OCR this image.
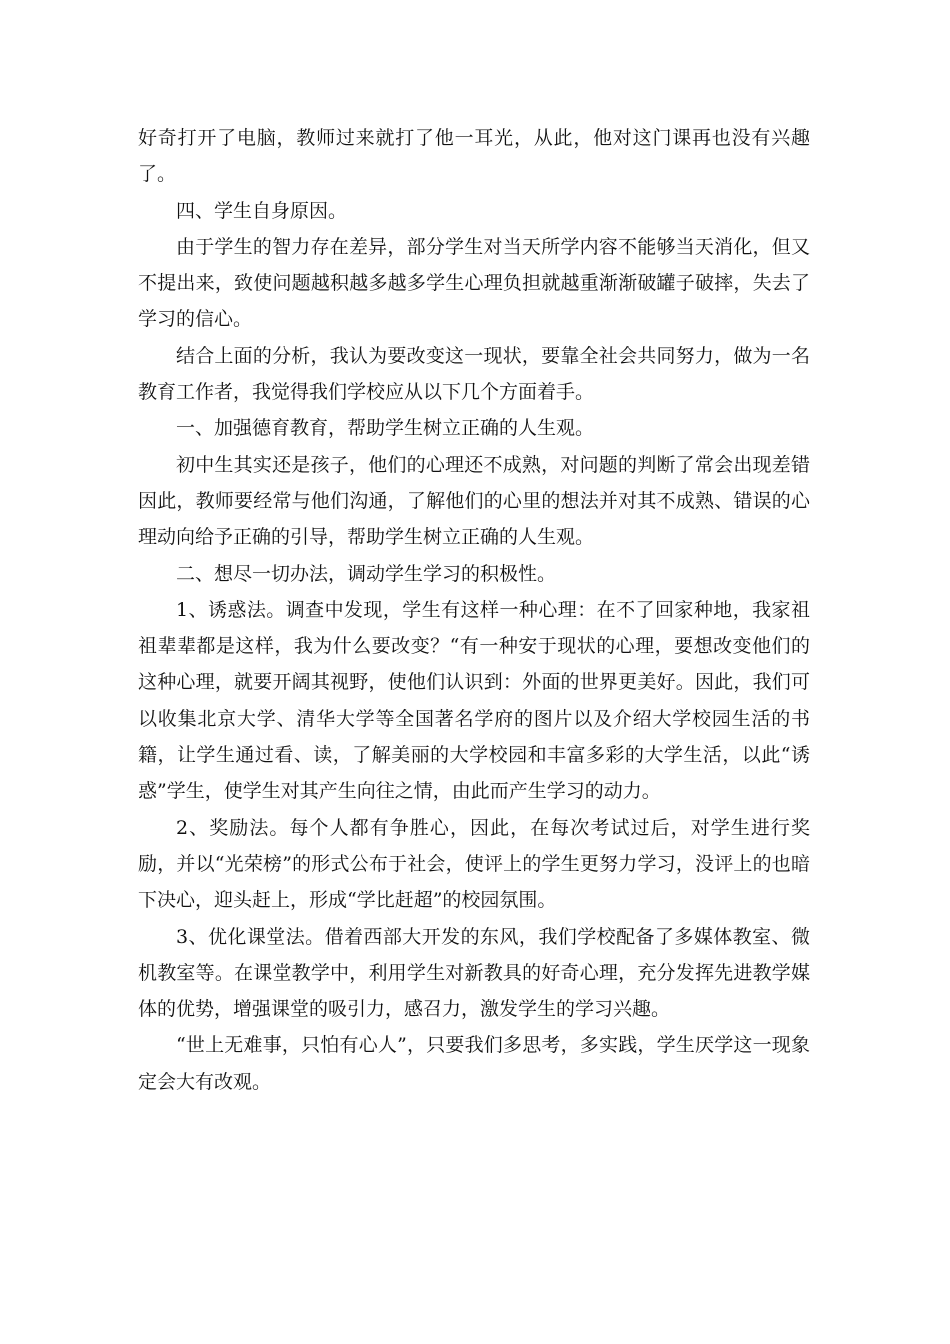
好奇打开了电脑，教师过来就打了他一耳光，从此，他对这门课再也没有兴趣了。

四、学生自身原因。

由于学生的智力存在差异，部分学生对当天所学内容不能够当天消化，但又不提出来，致使问题越积越多越多学生心理负担就越重渐渐破罐子破摔，失去了学习的信心。

结合上面的分析，我认为要改变这一现状，要靠全社会共同努力，做为一名教育工作者，我觉得我们学校应从以下几个方面着手。

一、加强德育教育，帮助学生树立正确的人生观。

初中生其实还是孩子，他们的心理还不成熟，对问题的判断了常会出现差错因此，教师要经常与他们沟通，了解他们的心里的想法并对其不成熟、错误的心理动向给予正确的引导，帮助学生树立正确的人生观。

二、想尽一切办法，调动学生学习的积极性。

1、诱惑法。调查中发现，学生有这样一种心理：在不了回家种地，我家祖祖辈辈都是这样，我为什么要改变？“有一种安于现状的心理，要想改变他们的这种心理，就要开阔其视野，使他们认识到：外面的世界更美好。因此，我们可以收集北京大学、清华大学等全国著名学府的图片以及介绍大学校园生活的书籍，让学生通过看、读，了解美丽的大学校园和丰富多彩的大学生活，以此“诱惑”学生，使学生对其产生向往之情，由此而产生学习的动力。

2、奖励法。每个人都有争胜心，因此，在每次考试过后，对学生进行奖励，并以“光荣榜”的形式公布于社会，使评上的学生更努力学习，没评上的也暗下决心，迎头赶上，形成“学比赶超”的校园氛围。

3、优化课堂法。借着西部大开发的东风，我们学校配备了多媒体教室、微机教室等。在课堂教学中，利用学生对新教具的好奇心理，充分发挥先进教学媒体的优势，增强课堂的吸引力，感召力，激发学生的学习兴趣。

“世上无难事，只怕有心人”，只要我们多思考，多实践，学生厌学这一现象定会大有改观。
